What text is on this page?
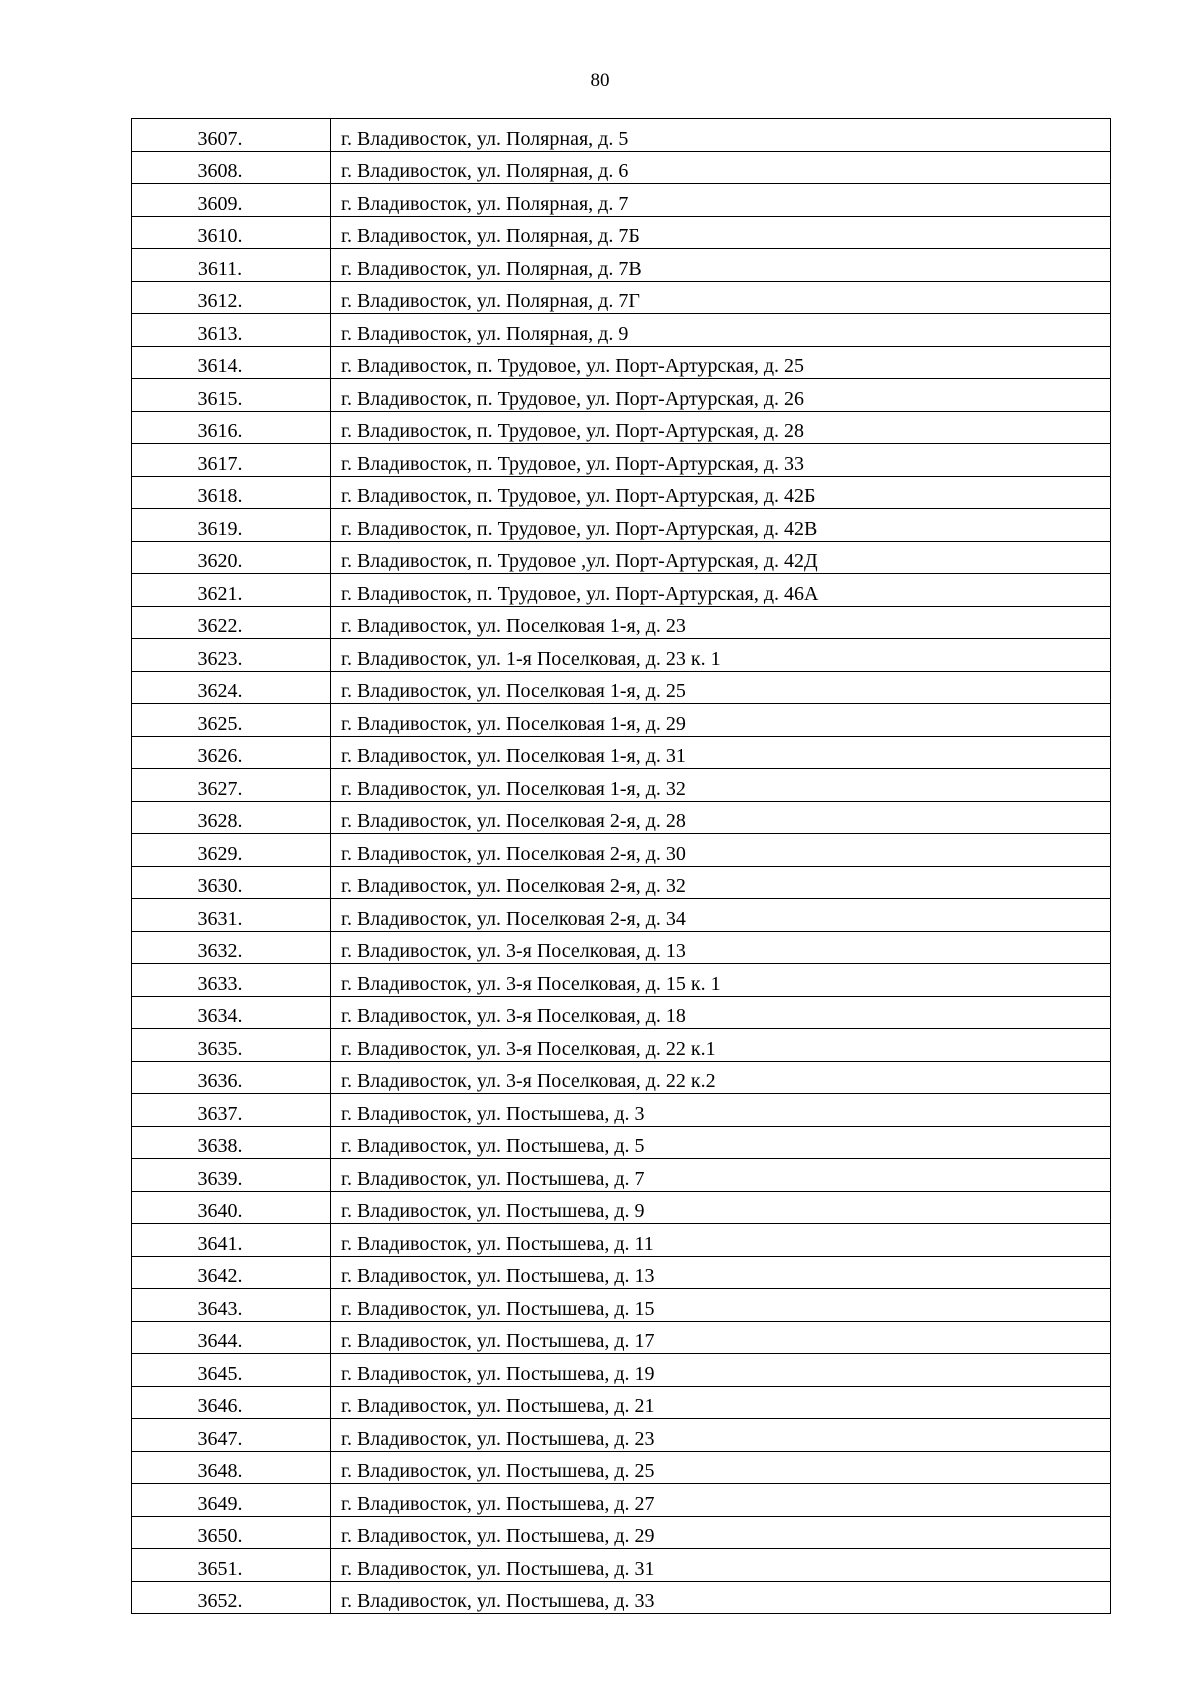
80
3607.	г. Владивосток, ул. Полярная, д. 5
3608.	г. Владивосток, ул. Полярная, д. 6
3609.	г. Владивосток, ул. Полярная, д. 7
3610.	г. Владивосток, ул. Полярная, д. 7Б
3611.	г. Владивосток, ул. Полярная, д. 7В
3612.	г. Владивосток, ул. Полярная, д. 7Г
3613.	г. Владивосток, ул. Полярная, д. 9
3614.	г. Владивосток, п. Трудовое, ул. Порт-Артурская, д. 25
3615.	г. Владивосток, п. Трудовое, ул. Порт-Артурская, д. 26
3616.	г. Владивосток, п. Трудовое, ул. Порт-Артурская, д. 28
3617.	г. Владивосток, п. Трудовое, ул. Порт-Артурская, д. 33
3618.	г. Владивосток, п. Трудовое, ул. Порт-Артурская, д. 42Б
3619.	г. Владивосток, п. Трудовое, ул. Порт-Артурская, д. 42В
3620.	г. Владивосток, п. Трудовое ,ул. Порт-Артурская, д. 42Д
3621.	г. Владивосток, п. Трудовое, ул. Порт-Артурская, д. 46А
3622.	г. Владивосток, ул. Поселковая 1-я, д. 23
3623.	г. Владивосток, ул. 1-я Поселковая, д. 23 к. 1
3624.	г. Владивосток, ул. Поселковая 1-я, д. 25
3625.	г. Владивосток, ул. Поселковая 1-я, д. 29
3626.	г. Владивосток, ул. Поселковая 1-я, д. 31
3627.	г. Владивосток, ул. Поселковая 1-я, д. 32
3628.	г. Владивосток, ул. Поселковая 2-я, д. 28
3629.	г. Владивосток, ул. Поселковая 2-я, д. 30
3630.	г. Владивосток, ул. Поселковая 2-я, д. 32
3631.	г. Владивосток, ул. Поселковая 2-я, д. 34
3632.	г. Владивосток, ул. 3-я Поселковая, д. 13
3633.	г. Владивосток, ул. 3-я Поселковая, д. 15 к. 1
3634.	г. Владивосток, ул. 3-я Поселковая, д. 18
3635.	г. Владивосток, ул. 3-я Поселковая, д. 22 к.1
3636.	г. Владивосток, ул. 3-я Поселковая, д. 22 к.2
3637.	г. Владивосток, ул. Постышева, д. 3
3638.	г. Владивосток, ул. Постышева, д. 5
3639.	г. Владивосток, ул. Постышева, д. 7
3640.	г. Владивосток, ул. Постышева, д. 9
3641.	г. Владивосток, ул. Постышева, д. 11
3642.	г. Владивосток, ул. Постышева, д. 13
3643.	г. Владивосток, ул. Постышева, д. 15
3644.	г. Владивосток, ул. Постышева, д. 17
3645.	г. Владивосток, ул. Постышева, д. 19
3646.	г. Владивосток, ул. Постышева, д. 21
3647.	г. Владивосток, ул. Постышева, д. 23
3648.	г. Владивосток, ул. Постышева, д. 25
3649.	г. Владивосток, ул. Постышева, д. 27
3650.	г. Владивосток, ул. Постышева, д. 29
3651.	г. Владивосток, ул. Постышева, д. 31
3652.	г. Владивосток, ул. Постышева, д. 33
